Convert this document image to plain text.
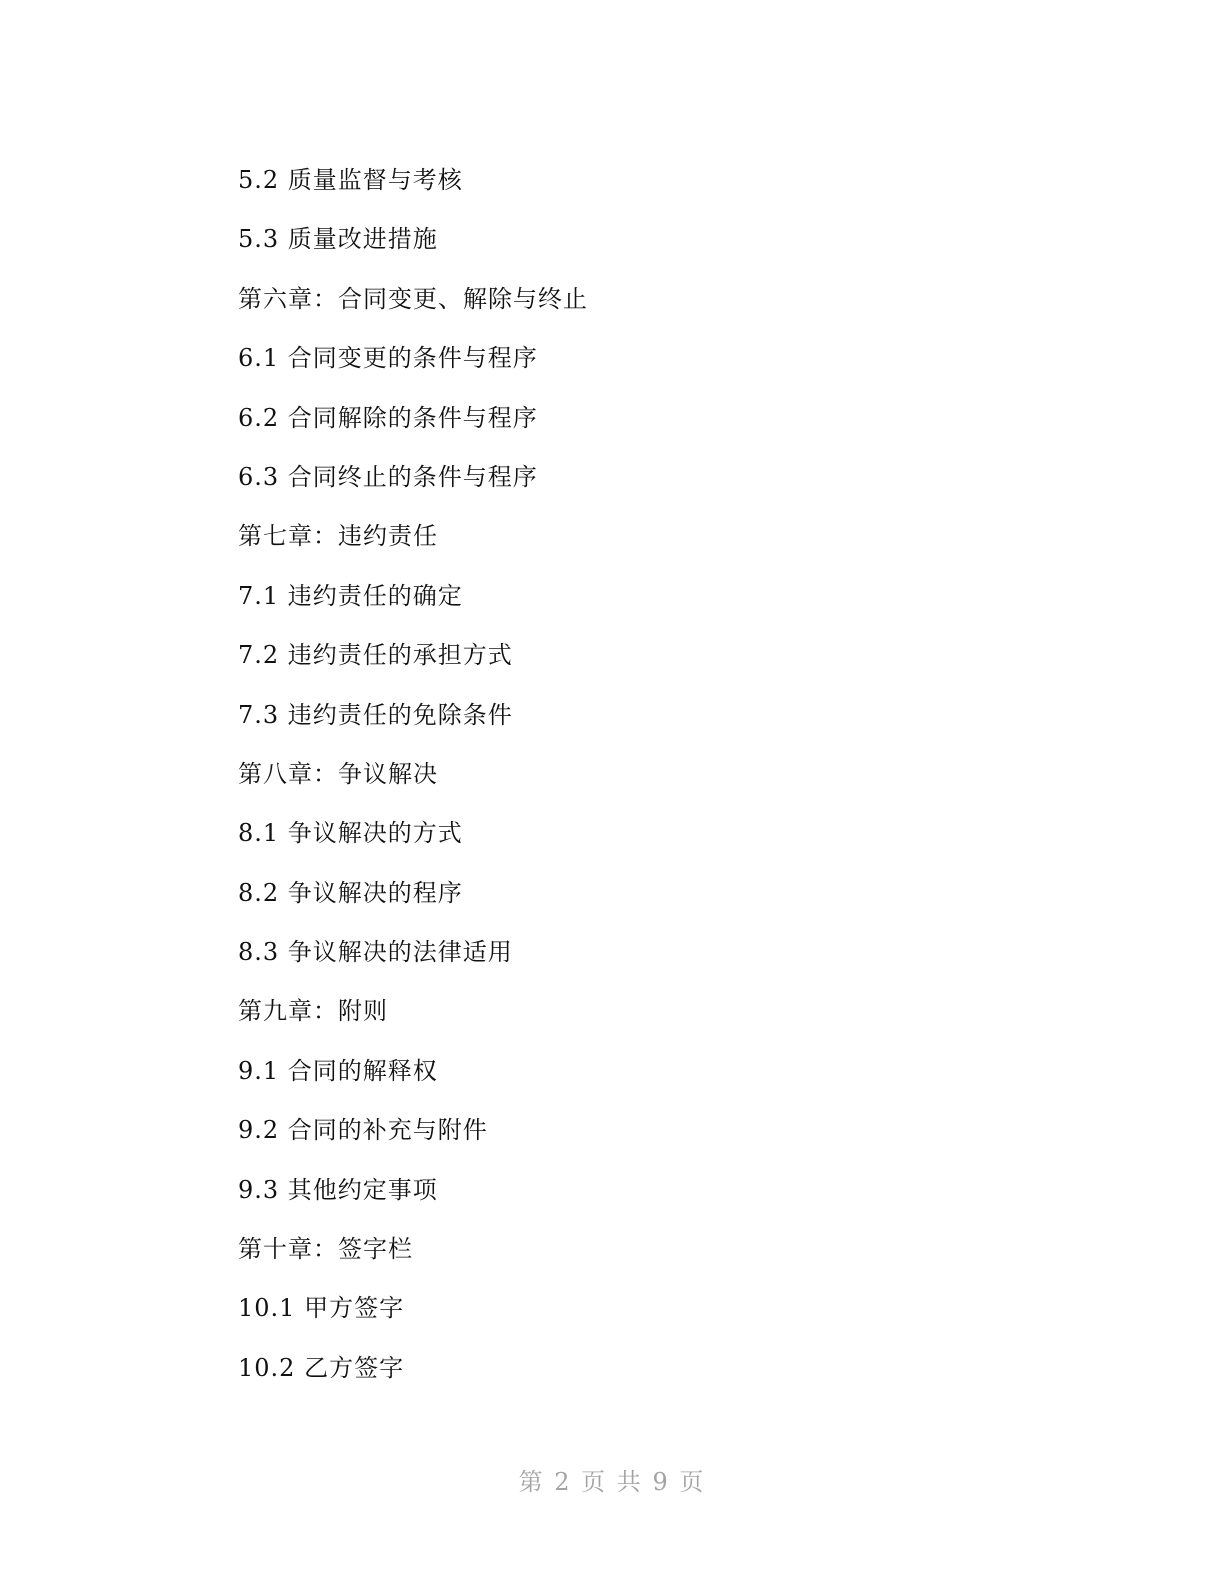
5.2 质量监督与考核
5.3 质量改进措施
第六章：合同变更、解除与终止
6.1 合同变更的条件与程序
6.2 合同解除的条件与程序
6.3 合同终止的条件与程序
第七章：违约责任
7.1 违约责任的确定
7.2 违约责任的承担方式
7.3 违约责任的免除条件
第八章：争议解决
8.1 争议解决的方式
8.2 争议解决的程序
8.3 争议解决的法律适用
第九章：附则
9.1 合同的解释权
9.2 合同的补充与附件
9.3 其他约定事项
第十章：签字栏
10.1 甲方签字
10.2 乙方签字
第 2 页 共 9 页
